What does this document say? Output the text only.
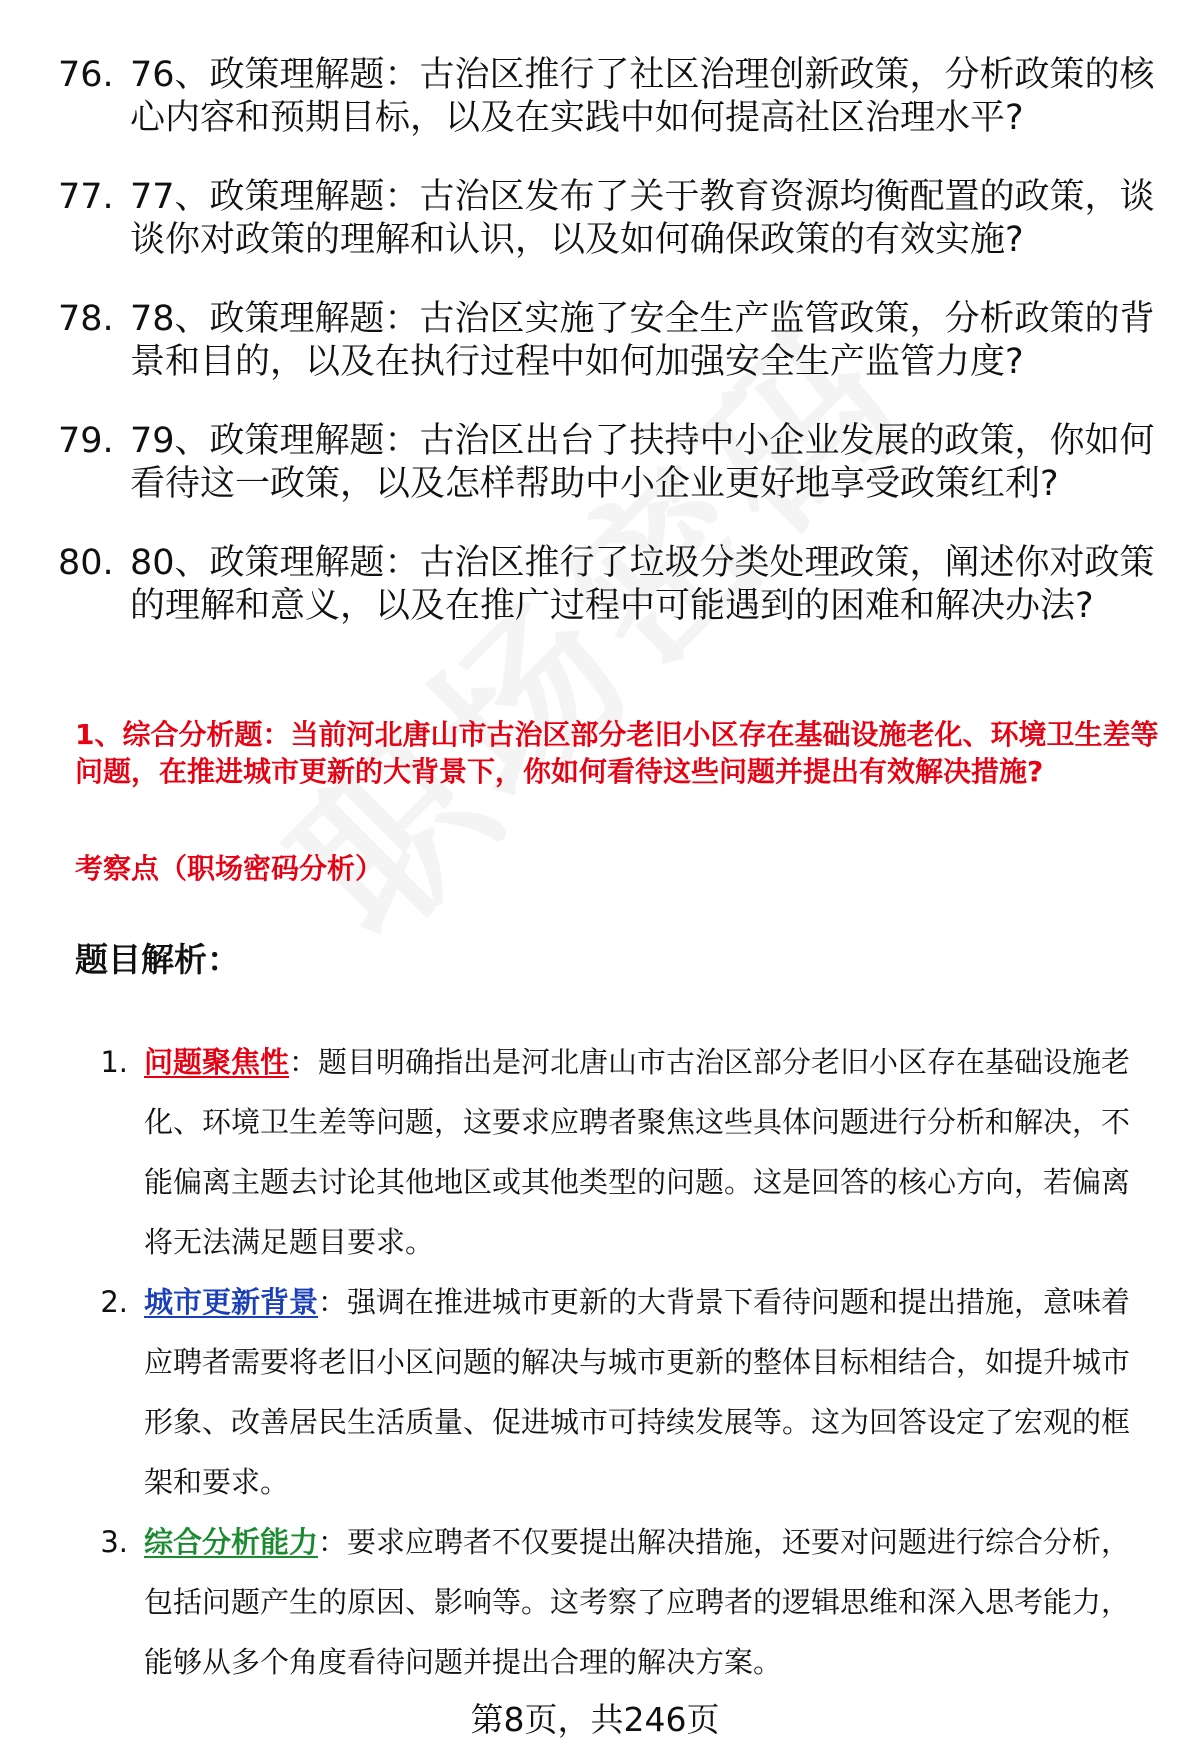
76. 76、政策理解题：古治区推行了社区治理创新政策，分析政策的核心内容和预期目标，以及在实践中如何提高社区治理水平?
77. 77、政策理解题：古治区发布了关于教育资源均衡配置的政策，谈谈你对政策的理解和认识，以及如何确保政策的有效实施?
78. 78、政策理解题：古治区实施了安全生产监管政策，分析政策的背景和目的，以及在执行过程中如何加强安全生产监管力度?
79. 79、政策理解题：古治区出台了扶持中小企业发展的政策，你如何看待这一政策，以及怎样帮助中小企业更好地享受政策红利?
80. 80、政策理解题：古治区推行了垃圾分类处理政策，阐述你对政策的理解和意义，以及在推广过程中可能遇到的困难和解决办法?

1、综合分析题：当前河北唐山市古治区部分老旧小区存在基础设施老化、环境卫生差等问题，在推进城市更新的大背景下，你如何看待这些问题并提出有效解决措施?

考察点（职场密码分析）

题目解析：
1. 问题聚焦性：题目明确指出是河北唐山市古治区部分老旧小区存在基础设施老化、环境卫生差等问题，这要求应聘者聚焦这些具体问题进行分析和解决，不能偏离主题去讨论其他地区或其他类型的问题。这是回答的核心方向，若偏离将无法满足题目要求。
2. 城市更新背景：强调在推进城市更新的大背景下看待问题和提出措施，意味着应聘者需要将老旧小区问题的解决与城市更新的整体目标相结合，如提升城市形象、改善居民生活质量、促进城市可持续发展等。这为回答设定了宏观的框架和要求。
3. 综合分析能力：要求应聘者不仅要提出解决措施，还要对问题进行综合分析，包括问题产生的原因、影响等。这考察了应聘者的逻辑思维和深入思考能力，能够从多个角度看待问题并提出合理的解决方案。
第8页，共246页
